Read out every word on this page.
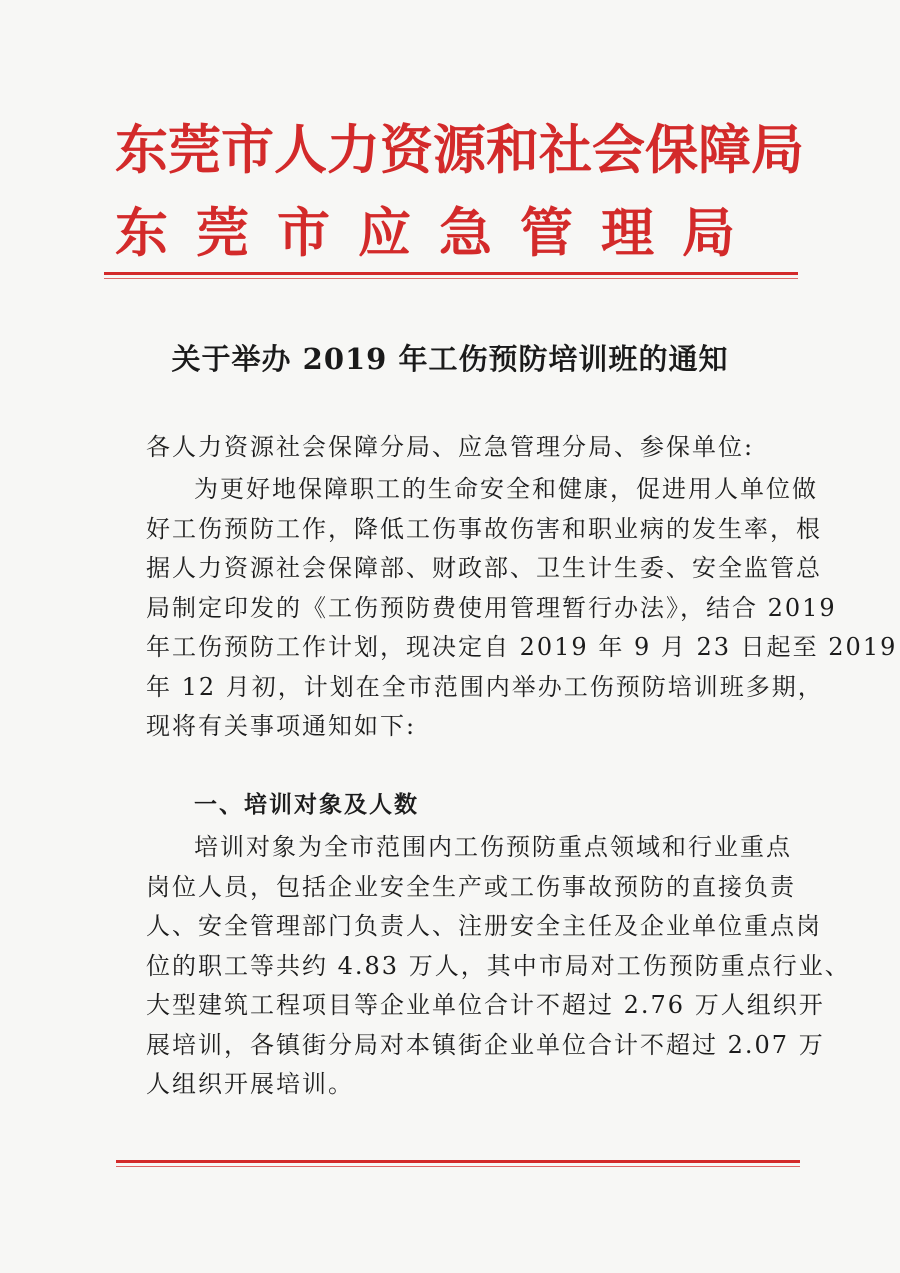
东莞市人力资源和社会保障局
东莞市应急管理局
关于举办 2019 年工伤预防培训班的通知
各人力资源社会保障分局、应急管理分局、参保单位:
为更好地保障职工的生命安全和健康，促进用人单位做
好工伤预防工作，降低工伤事故伤害和职业病的发生率，根
据人力资源社会保障部、财政部、卫生计生委、安全监管总
局制定印发的《工伤预防费使用管理暂行办法》，结合 2019
年工伤预防工作计划，现决定自 2019 年 9 月 23 日起至 2019
年 12 月初，计划在全市范围内举办工伤预防培训班多期，
现将有关事项通知如下:
一、培训对象及人数
培训对象为全市范围内工伤预防重点领域和行业重点
岗位人员，包括企业安全生产或工伤事故预防的直接负责
人、安全管理部门负责人、注册安全主任及企业单位重点岗
位的职工等共约 4.83 万人，其中市局对工伤预防重点行业、
大型建筑工程项目等企业单位合计不超过 2.76 万人组织开
展培训，各镇街分局对本镇街企业单位合计不超过 2.07 万
人组织开展培训。
